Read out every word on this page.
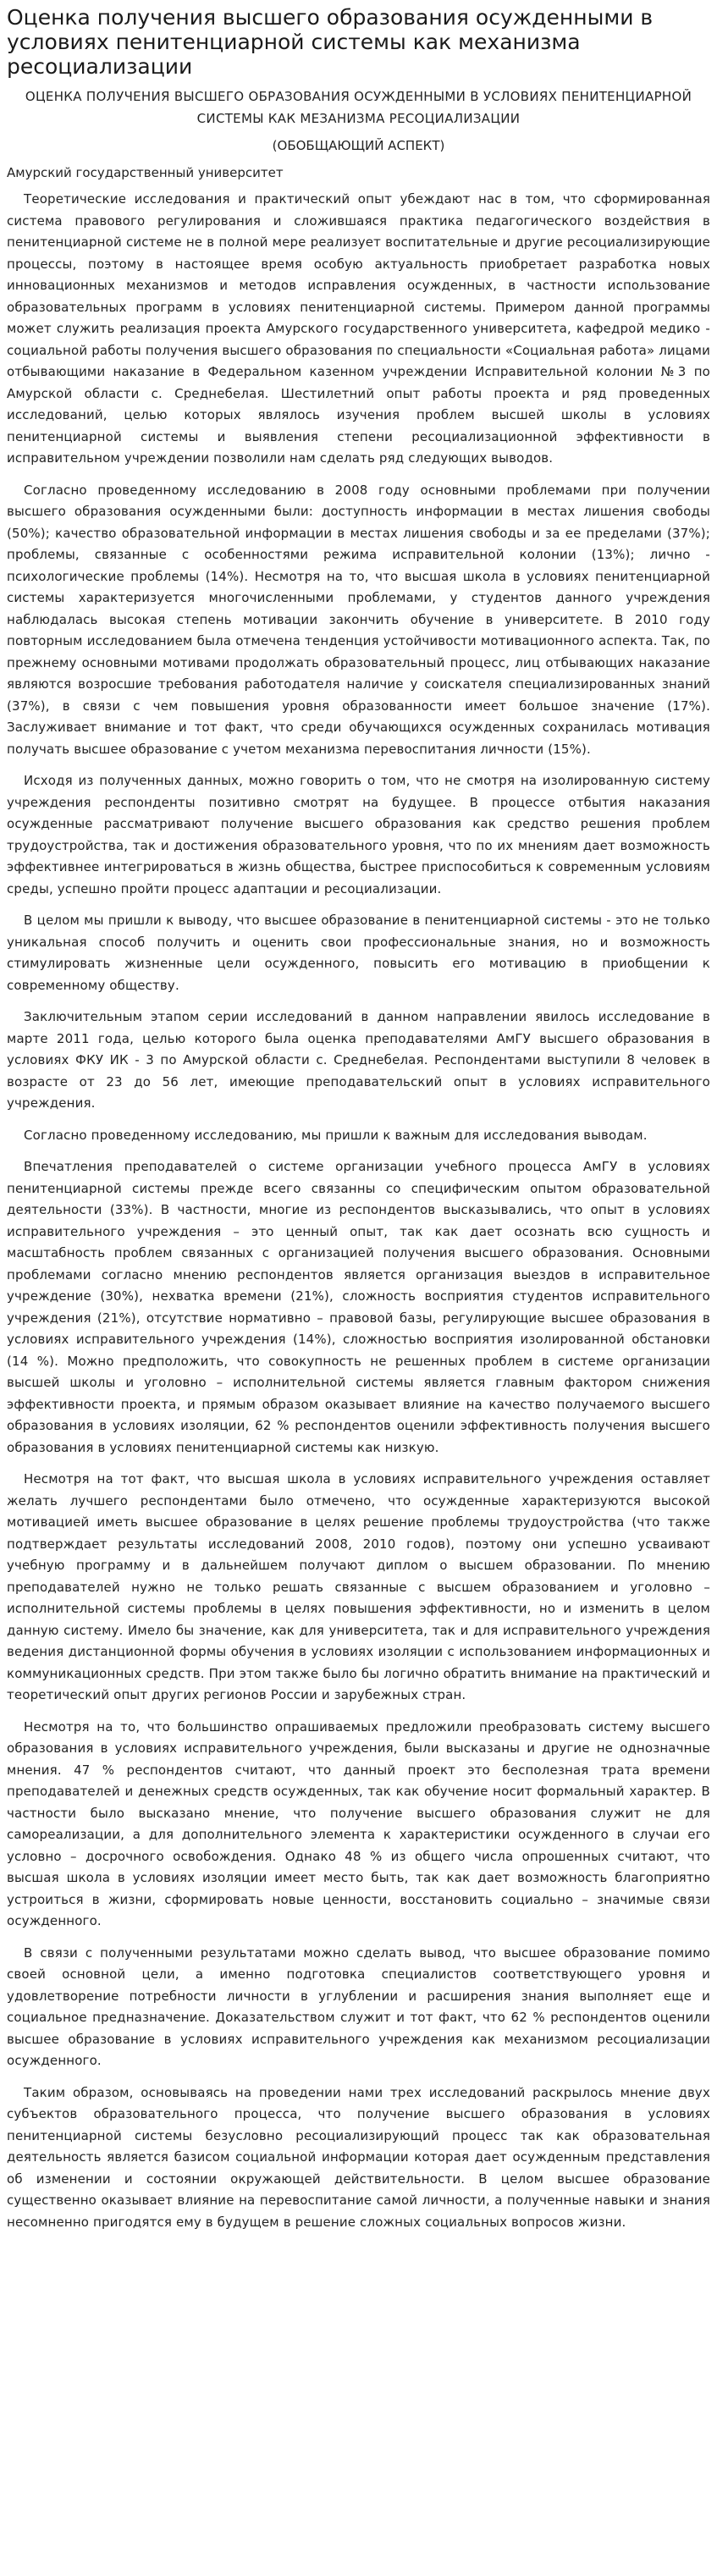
Оценка получения высшего образования осужденными в условиях пенитенциарной системы как механизма ресоциализации
ОЦЕНКА ПОЛУЧЕНИЯ ВЫСШЕГО ОБРАЗОВАНИЯ ОСУЖДЕННЫМИ В УСЛОВИЯХ ПЕНИТЕНЦИАРНОЙ СИСТЕМЫ КАК МЕЗАНИЗМА РЕСОЦИАЛИЗАЦИИ
(ОБОБЩАЮЩИЙ АСПЕКТ)
Амурский государственный университет

Теоретические исследования и практический опыт убеждают нас в том, что сформированная система правового регулирования и сложившаяся практика педагогического воздействия в пенитенциарной системе не в полной мере реализует воспитательные и другие ресоциализирующие процессы, поэтому в настоящее время особую актуальность приобретает разработка новых инновационных механизмов и методов исправления осужденных, в частности использование образовательных программ в условиях пенитенциарной системы. Примером данной программы может служить реализация проекта Амурского государственного университета, кафедрой медико - социальной работы получения высшего образования по специальности «Социальная работа» лицами отбывающими наказание в Федеральном казенном учреждении Исправительной колонии №3 по Амурской области с. Среднебелая. Шестилетний опыт работы проекта и ряд проведенных исследований, целью которых являлось изучения проблем высшей школы в условиях пенитенциарной системы и выявления степени ресоциализационной эффективности в исправительном учреждении позволили нам сделать ряд следующих выводов.

Согласно проведенному исследованию в 2008 году основными проблемами при получении высшего образования осужденными были: доступность информации в местах лишения свободы (50%); качество образовательной информации в местах лишения свободы и за ее пределами (37%); проблемы, связанные с особенностями режима исправительной колонии (13%); лично - психологические проблемы (14%). Несмотря на то, что высшая школа в условиях пенитенциарной системы характеризуется многочисленными проблемами, у студентов данного учреждения наблюдалась высокая степень мотивации закончить обучение в университете. В 2010 году повторным исследованием была отмечена тенденция устойчивости мотивационного аспекта. Так, по прежнему основными мотивами продолжать образовательный процесс, лиц отбывающих наказание являются возросшие требования работодателя наличие у соискателя специализированных знаний (37%), в связи с чем повышения уровня образованности имеет большое значение (17%). Заслуживает внимание и тот факт, что среди обучающихся осужденных сохранилась мотивация получать высшее образование с учетом механизма перевоспитания личности (15%).

Исходя из полученных данных, можно говорить о том, что не смотря на изолированную систему учреждения респонденты позитивно смотрят на будущее. В процессе отбытия наказания осужденные рассматривают получение высшего образования как средство решения проблем трудоустройства, так и достижения образовательного уровня, что по их мнениям дает возможность эффективнее интегрироваться в жизнь общества, быстрее приспособиться к современным условиям среды, успешно пройти процесс адаптации и ресоциализации.

В целом мы пришли к выводу, что высшее образование в пенитенциарной системы - это не только уникальная способ получить и оценить свои профессиональные знания, но и возможность стимулировать жизненные цели осужденного, повысить его мотивацию в приобщении к современному обществу.

Заключительным этапом серии исследований в данном направлении явилось исследование в марте 2011 года, целью которого была оценка преподавателями АмГУ высшего образования в условиях ФКУ ИК - 3 по Амурской области с. Среднебелая. Респондентами выступили 8 человек в возрасте от 23 до 56 лет, имеющие преподавательский опыт в условиях исправительного учреждения.

Согласно проведенному исследованию, мы пришли к важным для исследования выводам.

Впечатления преподавателей о системе организации учебного процесса АмГУ в условиях пенитенциарной системы прежде всего связанны со специфическим опытом образовательной деятельности (33%). В частности, многие из респондентов высказывались, что опыт в условиях исправительного учреждения – это ценный опыт, так как дает осознать всю сущность и масштабность проблем связанных с организацией получения высшего образования. Основными проблемами согласно мнению респондентов является организация выездов в исправительное учреждение (30%), нехватка времени (21%), сложность восприятия студентов исправительного учреждения (21%), отсутствие нормативно – правовой базы, регулирующие высшее образования в условиях исправительного учреждения (14%), сложностью восприятия изолированной обстановки (14 %). Можно предположить, что совокупность не решенных проблем в системе организации высшей школы и уголовно – исполнительной системы является главным фактором снижения эффективности проекта, и прямым образом оказывает влияние на качество получаемого высшего образования в условиях изоляции, 62 % респондентов оценили эффективность получения высшего образования в условиях пенитенциарной системы как низкую.

Несмотря на тот факт, что высшая школа в условиях исправительного учреждения оставляет желать лучшего респондентами было отмечено, что осужденные характеризуются высокой мотивацией иметь высшее образование в целях решение проблемы трудоустройства (что также подтверждает результаты исследований 2008, 2010 годов), поэтому они успешно усваивают учебную программу и в дальнейшем получают диплом о высшем образовании. По мнению преподавателей нужно не только решать связанные с высшем образованием и уголовно – исполнительной системы проблемы в целях повышения эффективности, но и изменить в целом данную систему. Имело бы значение, как для университета, так и для исправительного учреждения ведения дистанционной формы обучения в условиях изоляции с использованием информационных и коммуникационных средств. При этом также было бы логично обратить внимание на практический и теоретический опыт других регионов России и зарубежных стран.

Несмотря на то, что большинство опрашиваемых предложили преобразовать систему высшего образования в условиях исправительного учреждения, были высказаны и другие не однозначные мнения. 47 % респондентов считают, что данный проект это бесполезная трата времени преподавателей и денежных средств осужденных, так как обучение носит формальный характер. В частности было высказано мнение, что получение высшего образования служит не для самореализации, а для дополнительного элемента к характеристики осужденного в случаи его условно – досрочного освобождения. Однако 48 % из общего числа опрошенных считают, что высшая школа в условиях изоляции имеет место быть, так как дает возможность благоприятно устроиться в жизни, сформировать новые ценности, восстановить социально – значимые связи осужденного.

В связи с полученными результатами можно сделать вывод, что высшее образование помимо своей основной цели, а именно подготовка специалистов соответствующего уровня и удовлетворение потребности личности в углублении и расширения знания выполняет еще и социальное предназначение. Доказательством служит и тот факт, что 62 % респондентов оценили высшее образование в условиях исправительного учреждения как механизмом ресоциализации осужденного.

Таким образом, основываясь на проведении нами трех исследований раскрылось мнение двух субъектов образовательного процесса, что получение высшего образования в условиях пенитенциарной системы безусловно ресоциализирующий процесс так как образовательная деятельность является базисом социальной информации которая дает осужденным представления об изменении и состоянии окружающей действительности. В целом высшее образование существенно оказывает влияние на перевоспитание самой личности, а полученные навыки и знания несомненно пригодятся ему в будущем в решение сложных социальных вопросов жизни.
